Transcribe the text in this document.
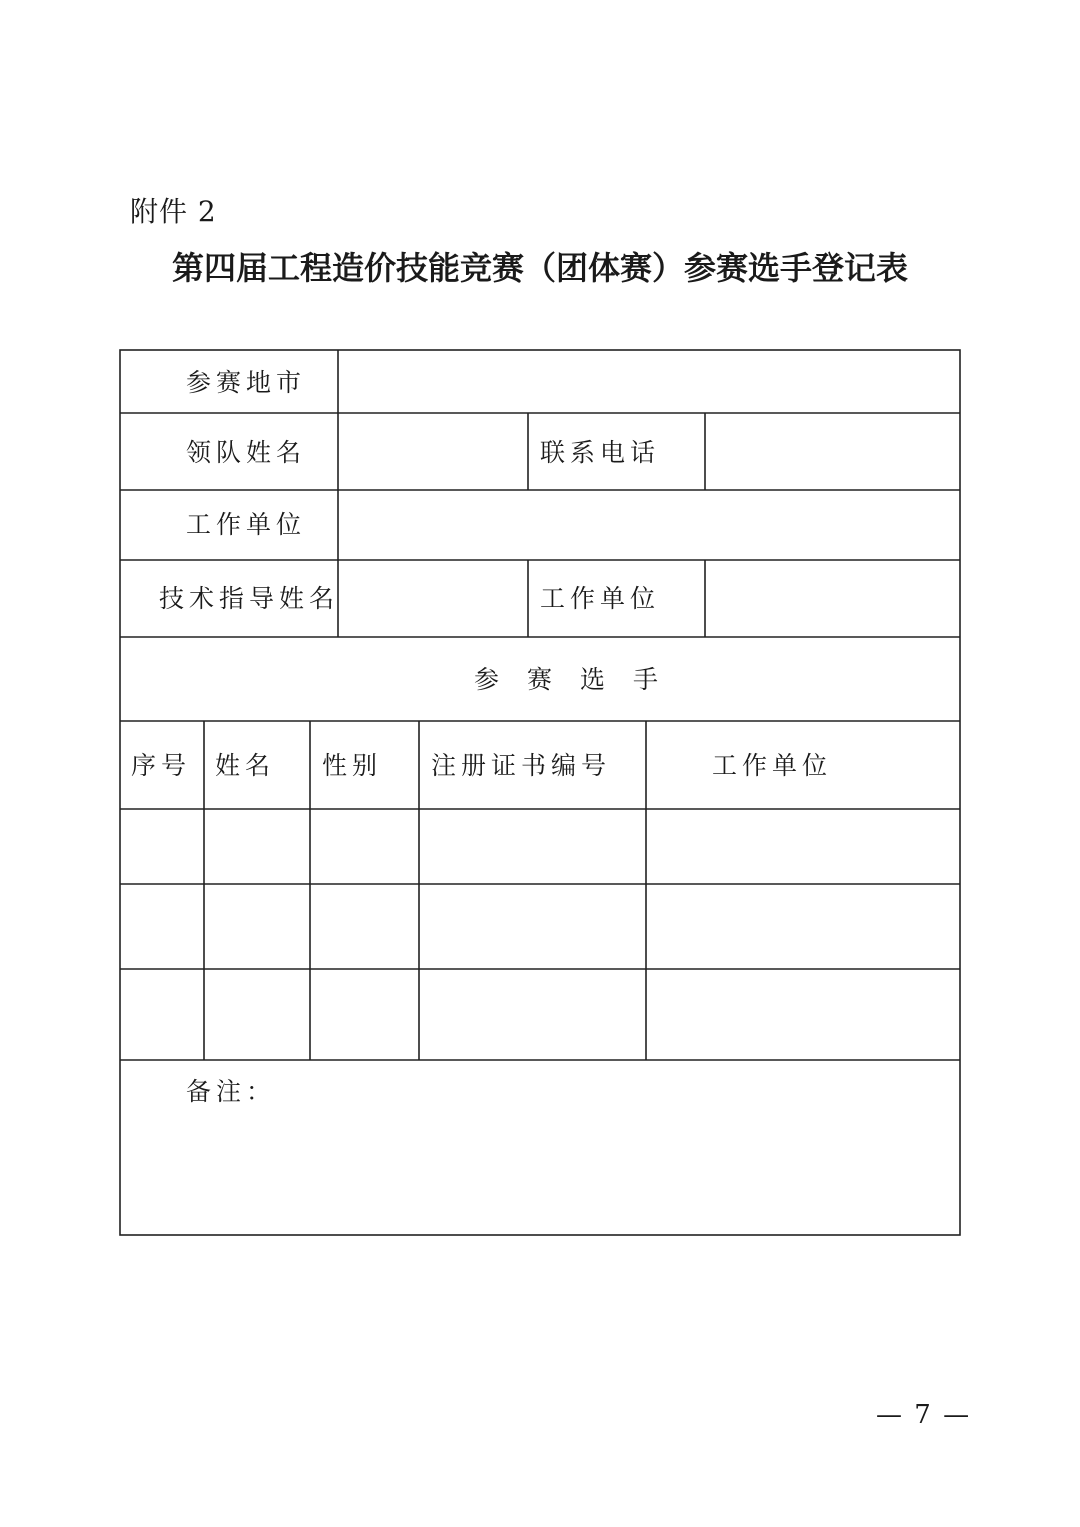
附件 2
第四届工程造价技能竞赛（团体赛）参赛选手登记表
参赛地市
领队姓名	联系电话
工作单位
技术指导姓名	工作单位
参赛选手
序号 姓名 性别 注册证书编号	工作单位
备注：
— 7 —
